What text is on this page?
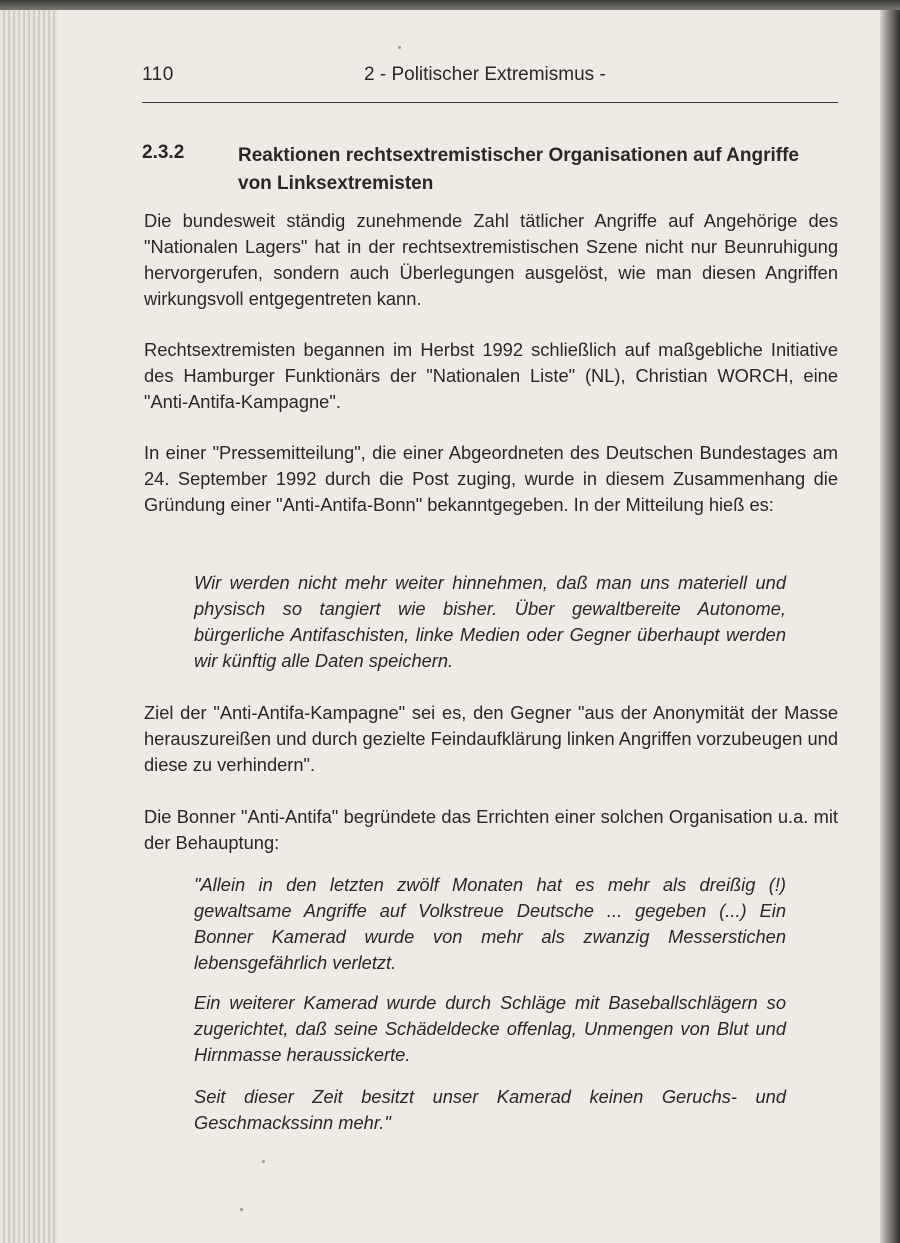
110	2 - Politischer Extremismus -
2.3.2	Reaktionen rechtsextremistischer Organisationen auf Angriffe von Linksextremisten

Die bundesweit ständig zunehmende Zahl tätlicher Angriffe auf Angehörige des "Nationalen Lagers" hat in der rechtsextremistischen Szene nicht nur Beunruhigung hervorgerufen, sondern auch Überlegungen ausgelöst, wie man diesen Angriffen wirkungsvoll entgegentreten kann.

Rechtsextremisten begannen im Herbst 1992 schließlich auf maßgebliche Initiative des Hamburger Funktionärs der "Nationalen Liste" (NL), Christian WORCH, eine "Anti-Antifa-Kampagne".

In einer "Pressemitteilung", die einer Abgeordneten des Deutschen Bundestages am 24. September 1992 durch die Post zuging, wurde in diesem Zusammenhang die Gründung einer "Anti-Antifa-Bonn" bekanntgegeben. In der Mitteilung hieß es:

Wir werden nicht mehr weiter hinnehmen, daß man uns materiell und physisch so tangiert wie bisher. Über gewaltbereite Autonome, bürgerliche Antifaschisten, linke Medien oder Gegner überhaupt werden wir künftig alle Daten speichern.

Ziel der "Anti-Antifa-Kampagne" sei es, den Gegner "aus der Anonymität der Masse herauszureißen und durch gezielte Feindaufklärung linken Angriffen vorzubeugen und diese zu verhindern".

Die Bonner "Anti-Antifa" begründete das Errichten einer solchen Organisation u.a. mit der Behauptung:

"Allein in den letzten zwölf Monaten hat es mehr als dreißig (!) gewaltsame Angriffe auf Volkstreue Deutsche ... gegeben (...) Ein Bonner Kamerad wurde von mehr als zwanzig Messerstichen lebensgefährlich verletzt.

Ein weiterer Kamerad wurde durch Schläge mit Baseballschlägern so zugerichtet, daß seine Schädeldecke offenlag, Unmengen von Blut und Hirnmasse heraussickerte.

Seit dieser Zeit besitzt unser Kamerad keinen Geruchs- und Geschmackssinn mehr."
